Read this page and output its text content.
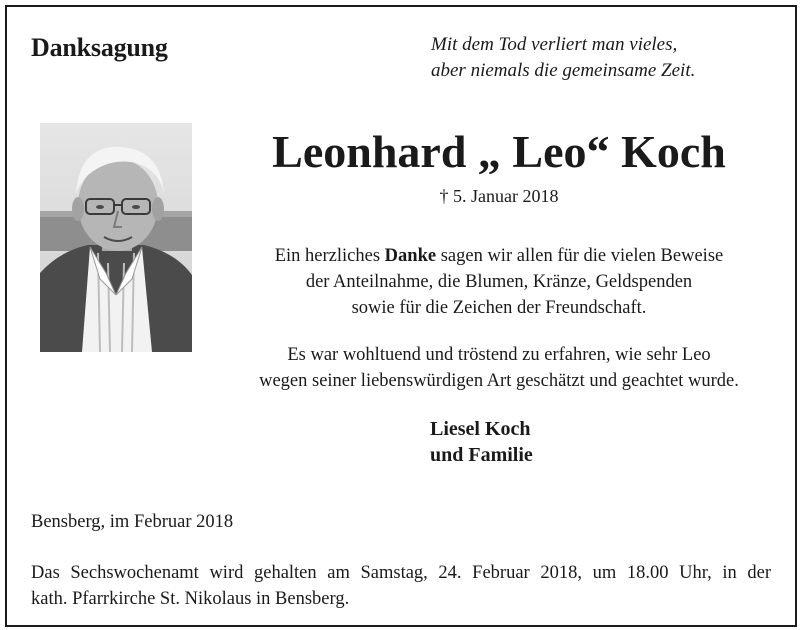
Danksagung	Mit dem Tod verliert man vieles,
aber niemals die gemeinsame Zeit.
Leonhard „ Leo“ Koch
† 5. Januar 2018
Ein herzliches Danke sagen wir allen für die vielen Beweise
der Anteilnahme, die Blumen, Kränze, Geldspenden
sowie für die Zeichen der Freundschaft.
Es war wohltuend und tröstend zu erfahren, wie sehr Leo
wegen seiner liebenswürdigen Art geschätzt und geachtet wurde.
Liesel Koch
und Familie
Bensberg, im Februar 2018
Das Sechswochenamt wird gehalten am Samstag, 24. Februar 2018, um 18.00 Uhr, in der
kath. Pfarrkirche St. Nikolaus in Bensberg.
